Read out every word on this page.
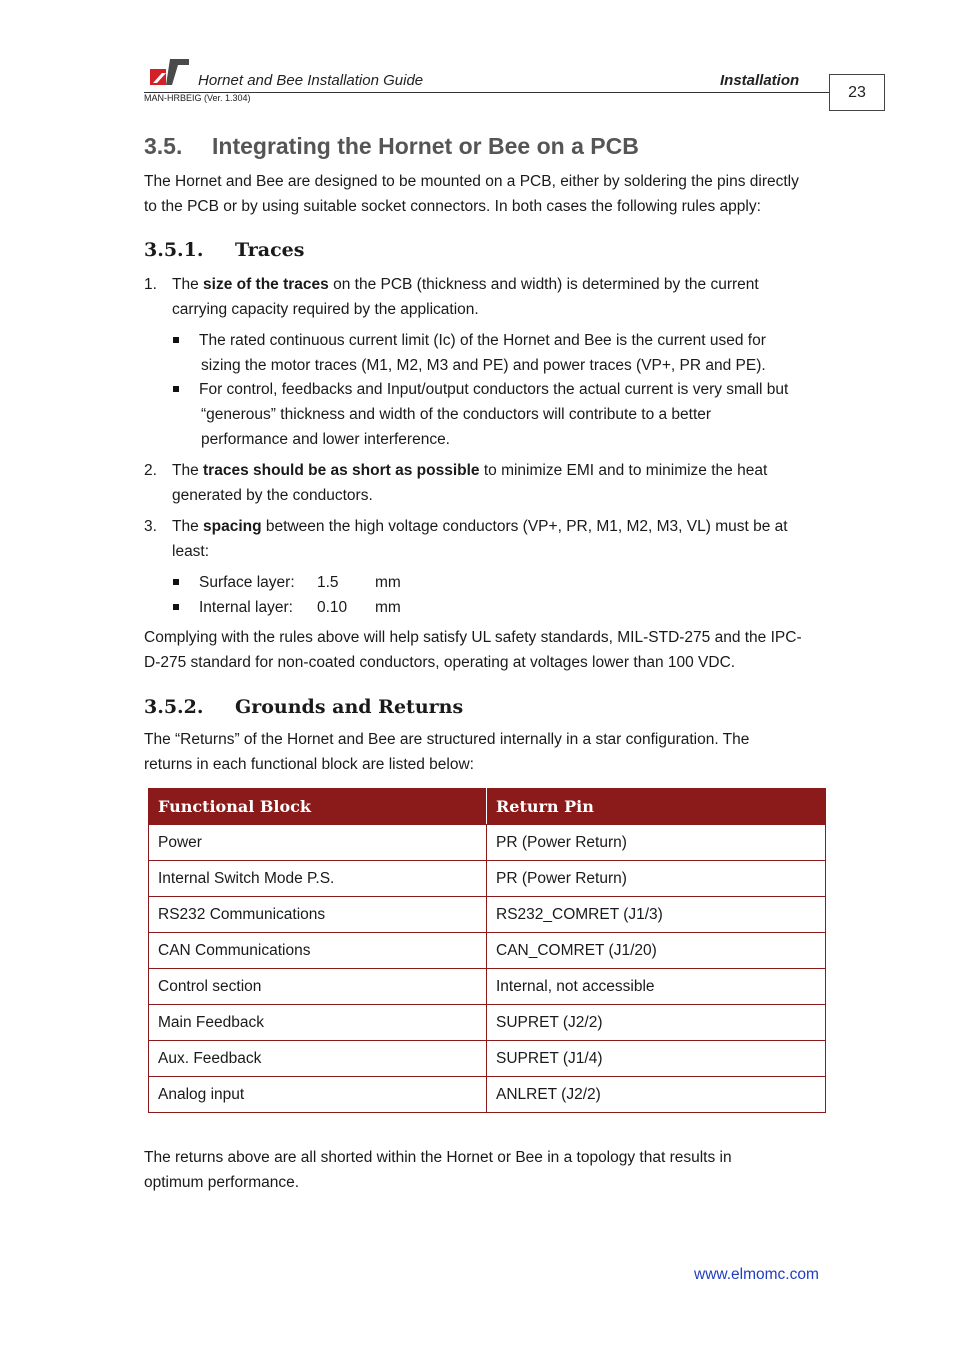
Hornet and Bee Installation Guide	Installation
MAN-HRBEIG (Ver. 1.304)	23
3.5. Integrating the Hornet or Bee on a PCB
The Hornet and Bee are designed to be mounted on a PCB, either by soldering the pins directly
to the PCB or by using suitable socket connectors. In both cases the following rules apply:
3.5.1. Traces
1. The size of the traces on the PCB (thickness and width) is determined by the current
carrying capacity required by the application.
The rated continuous current limit (Ic) of the Hornet and Bee is the current used for
sizing the motor traces (M1, M2, M3 and PE) and power traces (VP+, PR and PE).
For control, feedbacks and Input/output conductors the actual current is very small but
“generous” thickness and width of the conductors will contribute to a better
performance and lower interference.
2. The traces should be as short as possible to minimize EMI and to minimize the heat
generated by the conductors.
3. The spacing between the high voltage conductors (VP+, PR, M1, M2, M3, VL) must be at
least:
Surface layer: 1.5 mm
Internal layer: 0.10 mm
Complying with the rules above will help satisfy UL safety standards, MIL-STD-275 and the IPC-
D-275 standard for non-coated conductors, operating at voltages lower than 100 VDC.
3.5.2. Grounds and Returns
The “Returns” of the Hornet and Bee are structured internally in a star configuration. The
returns in each functional block are listed below:
Functional Block	Return Pin
Power	PR (Power Return)
Internal Switch Mode P.S.	PR (Power Return)
RS232 Communications	RS232_COMRET (J1/3)
CAN Communications	CAN_COMRET (J1/20)
Control section	Internal, not accessible
Main Feedback	SUPRET (J2/2)
Aux. Feedback	SUPRET (J1/4)
Analog input	ANLRET (J2/2)
The returns above are all shorted within the Hornet or Bee in a topology that results in
optimum performance.
www.elmomc.com
